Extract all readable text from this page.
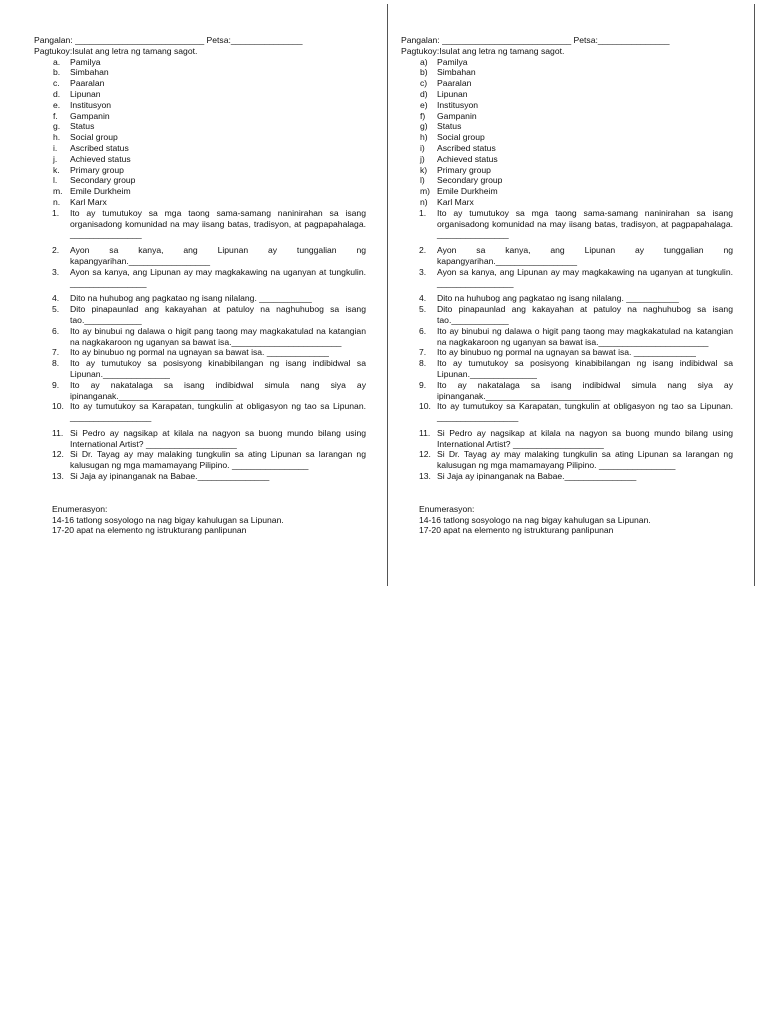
Pangalan: ___________________________ Petsa:_______________
Pagtukoy:Isulat ang letra ng tamang sagot.
a.	Pamilya
b.	Simbahan
c.	Paaralan
d.	Lipunan
e.	Institusyon
f.	Gampanin
g.	Status
h.	Social group
i.	Ascribed status
j.	Achieved status
k.	Primary group
l.	Secondary group
m. Emile Durkheim
n.	Karl Marx
1.	Ito ay tumutukoy sa mga taong sama-samang naninirahan sa isang organisadong komunidad na may iisang batas, tradisyon, at pagpapahalaga. _______________
2.	Ayon sa kanya, ang Lipunan ay tunggalian ng kapangyarihan._________________
3.	Ayon sa kanya, ang Lipunan ay may magkakawing na uganyan at tungkulin. ________________
4.	Dito na huhubog ang pagkatao ng isang nilalang. ___________
5.	Dito pinapaunlad ang kakayahan at patuloy na naghuhubog sa isang tao.____________
6.	Ito ay binubui ng dalawa o higit pang taong may magkakatulad na katangian na nagkakaroon ng uganyan sa bawat isa._______________________
7.	Ito ay binubuo ng pormal na ugnayan sa bawat isa. _____________
8.	Ito ay tumutukoy sa posisyong kinabibilangan ng isang indibidwal sa Lipunan.______________
9.	Ito ay nakatalaga sa isang indibidwal simula nang siya ay ipinanganak.________________________
10. Ito ay tumutukoy sa Karapatan, tungkulin at obligasyon ng tao sa Lipunan. _________________
11. Si Pedro ay nagsikap at kilala na nagyon sa buong mundo bilang using International Artist? ___________________
12. Si Dr. Tayag ay may malaking tungkulin sa ating Lipunan sa larangan ng kalusugan ng mga mamamayang Pilipino. ________________
13. Si Jaja ay ipinanganak na Babae._______________
Enumerasyon:
14-16 tatlong sosyologo na nag bigay kahulugan sa Lipunan.
17-20 apat na elemento ng istrukturang panlipunan
Pangalan: ___________________________ Petsa:_______________
Pagtukoy:Isulat ang letra ng tamang sagot.
a)	Pamilya
b)	Simbahan
c)	Paaralan
d)	Lipunan
e)	Institusyon
f)	Gampanin
g)	Status
h)	Social group
i)	Ascribed status
j)	Achieved status
k)	Primary group
l)	Secondary group
m) Emile Durkheim
n)	Karl Marx
1.	Ito ay tumutukoy sa mga taong sama-samang naninirahan sa isang organisadong komunidad na may iisang batas, tradisyon, at pagpapahalaga. _______________
2.	Ayon sa kanya, ang Lipunan ay tunggalian ng kapangyarihan._________________
3.	Ayon sa kanya, ang Lipunan ay may magkakawing na uganyan at tungkulin. ________________
4.	Dito na huhubog ang pagkatao ng isang nilalang. ___________
5.	Dito pinapaunlad ang kakayahan at patuloy na naghuhubog sa isang tao.____________
6.	Ito ay binubui ng dalawa o higit pang taong may magkakatulad na katangian na nagkakaroon ng uganyan sa bawat isa._______________________
7.	Ito ay binubuo ng pormal na ugnayan sa bawat isa. _____________
8.	Ito ay tumutukoy sa posisyong kinabibilangan ng isang indibidwal sa Lipunan.______________
9.	Ito ay nakatalaga sa isang indibidwal simula nang siya ay ipinanganak.________________________
10. Ito ay tumutukoy sa Karapatan, tungkulin at obligasyon ng tao sa Lipunan. _________________
11. Si Pedro ay nagsikap at kilala na nagyon sa buong mundo bilang using International Artist? ___________________
12. Si Dr. Tayag ay may malaking tungkulin sa ating Lipunan sa larangan ng kalusugan ng mga mamamayang Pilipino. ________________
13. Si Jaja ay ipinanganak na Babae._______________
Enumerasyon:
14-16 tatlong sosyologo na nag bigay kahulugan sa Lipunan.
17-20 apat na elemento ng istrukturang panlipunan
